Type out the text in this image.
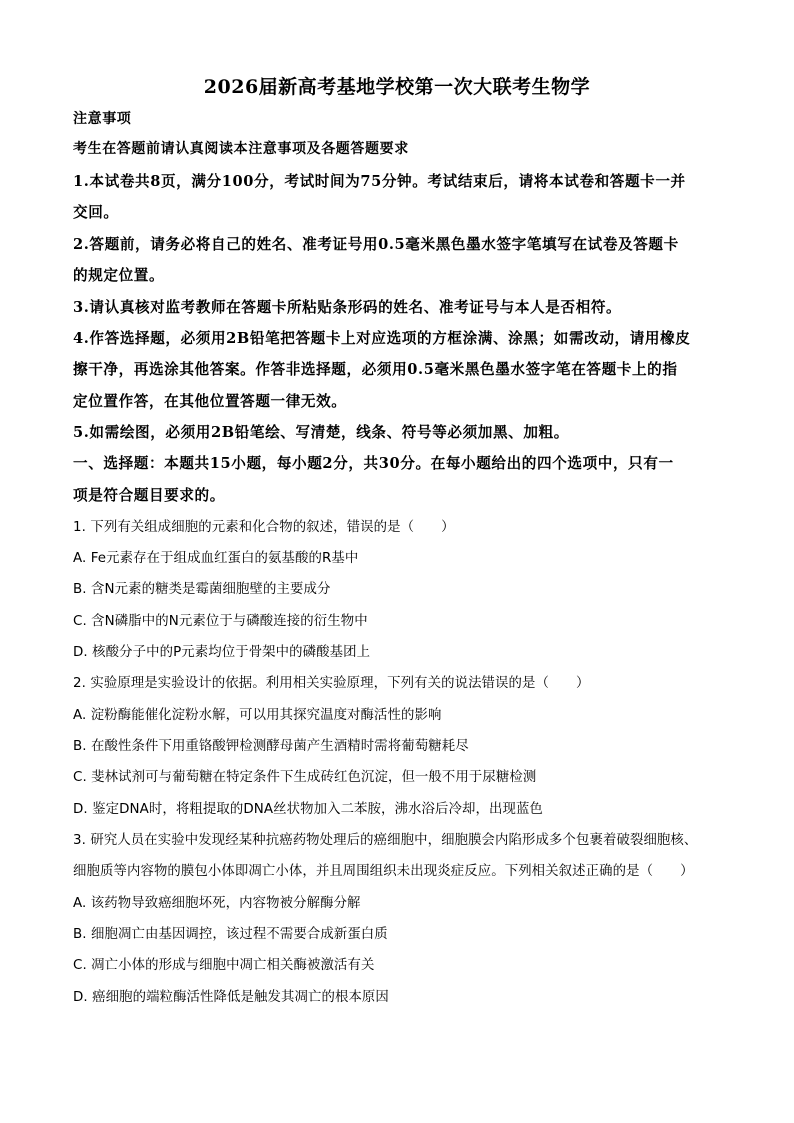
2026届新高考基地学校第一次大联考生物学
注意事项
考生在答题前请认真阅读本注意事项及各题答题要求
1.本试卷共8页，满分100分，考试时间为75分钟。考试结束后，请将本试卷和答题卡一并
交回。
2.答题前，请务必将自己的姓名、准考证号用0.5毫米黑色墨水签字笔填写在试卷及答题卡
的规定位置。
3.请认真核对监考教师在答题卡所粘贴条形码的姓名、准考证号与本人是否相符。
4.作答选择题，必须用2B铅笔把答题卡上对应选项的方框涂满、涂黑；如需改动，请用橡皮
擦干净，再选涂其他答案。作答非选择题，必须用0.5毫米黑色墨水签字笔在答题卡上的指
定位置作答，在其他位置答题一律无效。
5.如需绘图，必须用2B铅笔绘、写清楚，线条、符号等必须加黑、加粗。
一、选择题：本题共15小题，每小题2分，共30分。在每小题给出的四个选项中，只有一
项是符合题目要求的。
1. 下列有关组成细胞的元素和化合物的叙述，错误的是（　　）
A. Fe元素存在于组成血红蛋白的氨基酸的R基中
B. 含N元素的糖类是霉菌细胞壁的主要成分
C. 含N磷脂中的N元素位于与磷酸连接的衍生物中
D. 核酸分子中的P元素均位于骨架中的磷酸基团上
2. 实验原理是实验设计的依据。利用相关实验原理，下列有关的说法错误的是（　　）
A. 淀粉酶能催化淀粉水解，可以用其探究温度对酶活性的影响
B. 在酸性条件下用重铬酸钾检测酵母菌产生酒精时需将葡萄糖耗尽
C. 斐林试剂可与葡萄糖在特定条件下生成砖红色沉淀，但一般不用于尿糖检测
D. 鉴定DNA时，将粗提取的DNA丝状物加入二苯胺，沸水浴后冷却，出现蓝色
3. 研究人员在实验中发现经某种抗癌药物处理后的癌细胞中，细胞膜会内陷形成多个包裹着破裂细胞核、
细胞质等内容物的膜包小体即凋亡小体，并且周围组织未出现炎症反应。下列相关叙述正确的是（　　）
A. 该药物导致癌细胞坏死，内容物被分解酶分解
B. 细胞凋亡由基因调控，该过程不需要合成新蛋白质
C. 凋亡小体的形成与细胞中凋亡相关酶被激活有关
D. 癌细胞的端粒酶活性降低是触发其凋亡的根本原因
